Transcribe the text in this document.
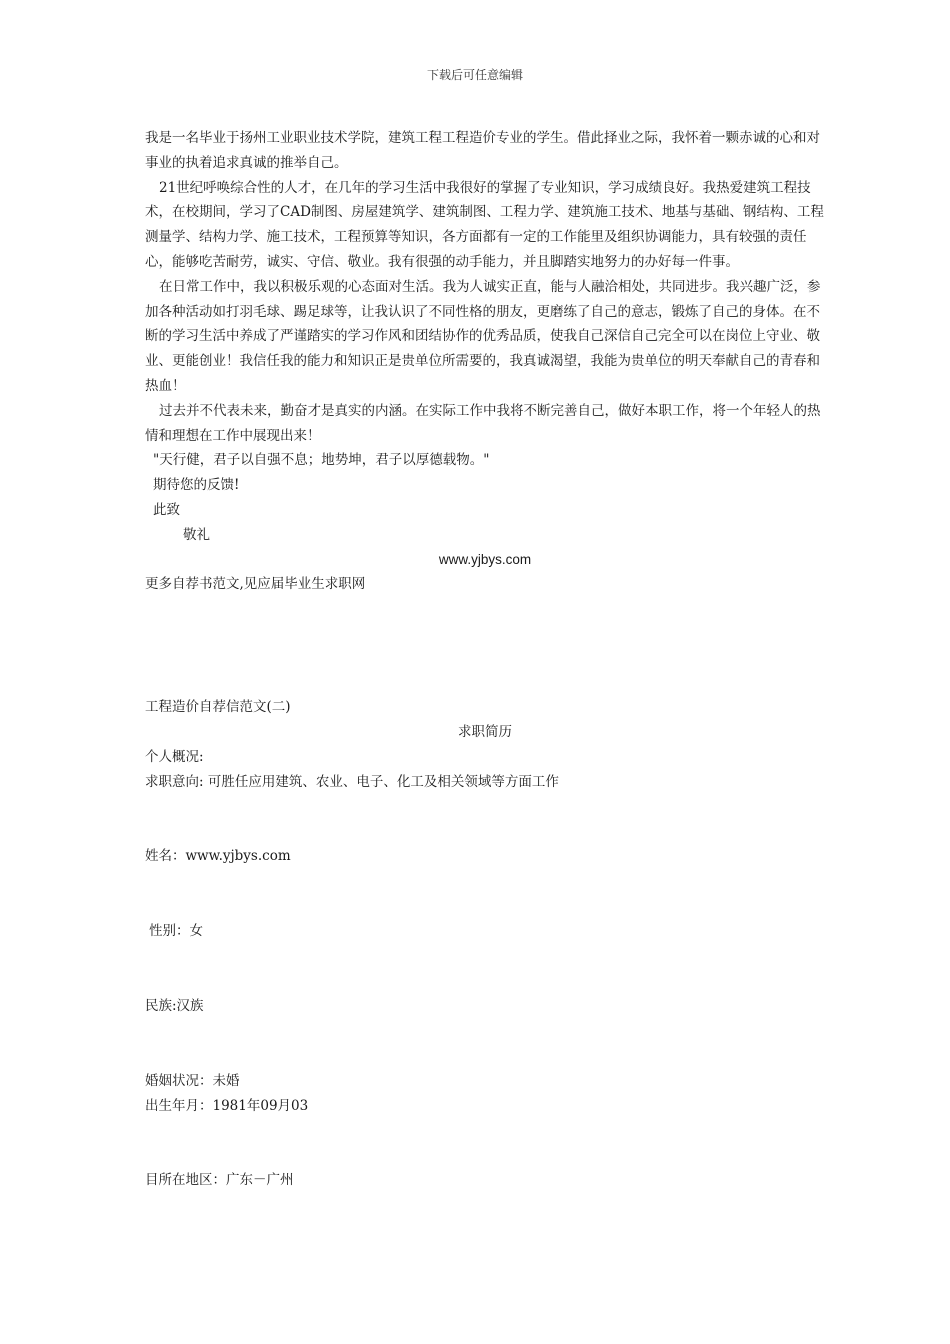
下载后可任意编辑

我是一名毕业于扬州工业职业技术学院，建筑工程工程造价专业的学生。借此择业之际，我怀着一颗赤诚的心和对事业的执着追求真诚的推举自己。

21世纪呼唤综合性的人才，在几年的学习生活中我很好的掌握了专业知识，学习成绩良好。我热爱建筑工程技术，在校期间，学习了CAD制图、房屋建筑学、建筑制图、工程力学、建筑施工技术、地基与基础、钢结构、工程测量学、结构力学、施工技术，工程预算等知识，各方面都有一定的工作能里及组织协调能力，具有较强的责任心，能够吃苦耐劳，诚实、守信、敬业。我有很强的动手能力，并且脚踏实地努力的办好每一件事。

在日常工作中，我以积极乐观的心态面对生活。我为人诚实正直，能与人融洽相处，共同进步。我兴趣广泛，参加各种活动如打羽毛球、踢足球等，让我认识了不同性格的朋友，更磨练了自己的意志，锻炼了自己的身体。在不断的学习生活中养成了严谨踏实的学习作风和团结协作的优秀品质，使我自己深信自己完全可以在岗位上守业、敬业、更能创业！我信任我的能力和知识正是贵单位所需要的，我真诚渴望，我能为贵单位的明天奉献自己的青春和热血！

过去并不代表未来，勤奋才是真实的内涵。在实际工作中我将不断完善自己，做好本职工作，将一个年轻人的热情和理想在工作中展现出来！

"天行健，君子以自强不息；地势坤，君子以厚德载物。"

期待您的反馈!

此致

敬礼

www.yjbys.com

更多自荐书范文,见应届毕业生求职网

工程造价自荐信范文(二)

求职简历

个人概况:

求职意向: 可胜任应用建筑、农业、电子、化工及相关领域等方面工作

姓名：www.yjbys.com

性别：女

民族:汉族

婚姻状况：未婚

出生年月：1981年09月03

目所在地区：广东－广州
